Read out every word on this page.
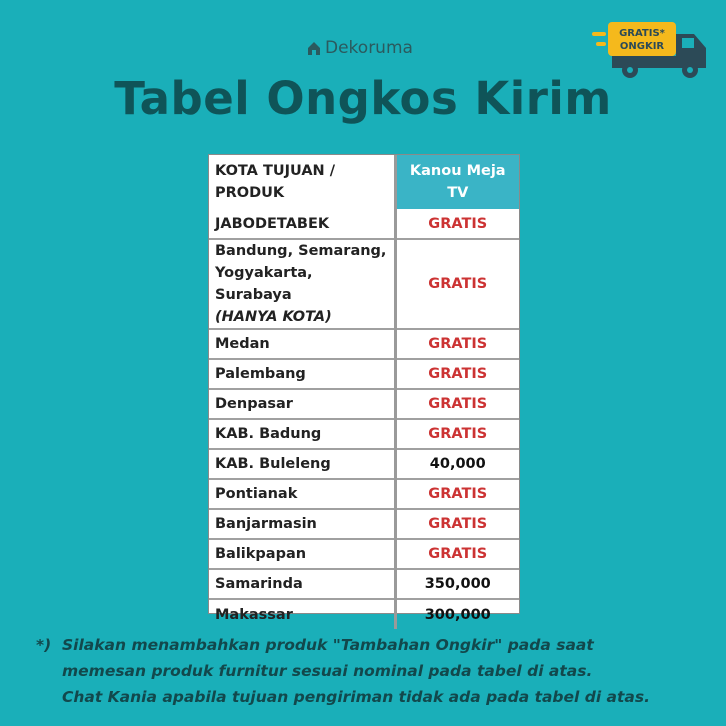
Dekoruma
GRATIS*
ONGKIR
Tabel Ongkos Kirim
KOTA TUJUAN / PRODUK	Kanou Meja TV
JABODETABEK	GRATIS
Bandung, Semarang, Yogyakarta, Surabaya
(HANYA KOTA)	GRATIS
Medan	GRATIS
Palembang	GRATIS
Denpasar	GRATIS
KAB. Badung	GRATIS
KAB. Buleleng	40,000
Pontianak	GRATIS
Banjarmasin	GRATIS
Balikpapan	GRATIS
Samarinda	350,000
Makassar	300,000
*) Silakan menambahkan produk "Tambahan Ongkir" pada saat
memesan produk furnitur sesuai nominal pada tabel di atas.
Chat Kania apabila tujuan pengiriman tidak ada pada tabel di atas.
